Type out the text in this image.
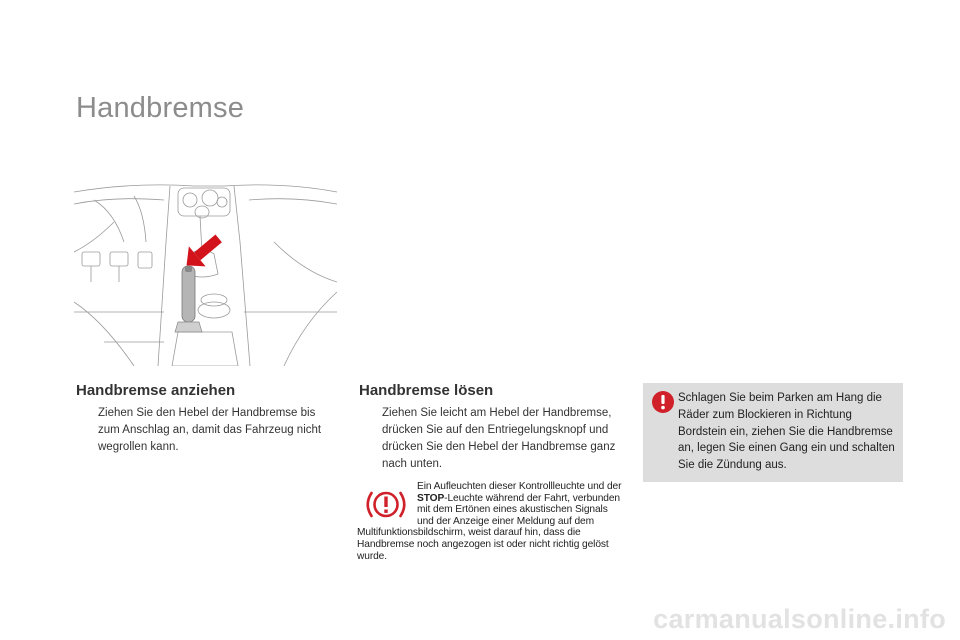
Handbremse
Handbremse anziehen
Ziehen Sie den Hebel der Handbremse bis zum Anschlag an, damit das Fahrzeug nicht wegrollen kann.
Handbremse lösen
Ziehen Sie leicht am Hebel der Handbremse, drücken Sie auf den Entriegelungsknopf und drücken Sie den Hebel der Handbremse ganz nach unten.
Ein Aufleuchten dieser Kontrollleuchte und der STOP-Leuchte während der Fahrt, verbunden mit dem Ertönen eines akustischen Signals und der Anzeige einer Meldung auf dem Multifunktionsbildschirm, weist darauf hin, dass die Handbremse noch angezogen ist oder nicht richtig gelöst wurde.
Schlagen Sie beim Parken am Hang die Räder zum Blockieren in Richtung Bordstein ein, ziehen Sie die Handbremse an, legen Sie einen Gang ein und schalten Sie die Zündung aus.
carmanualsonline.info
